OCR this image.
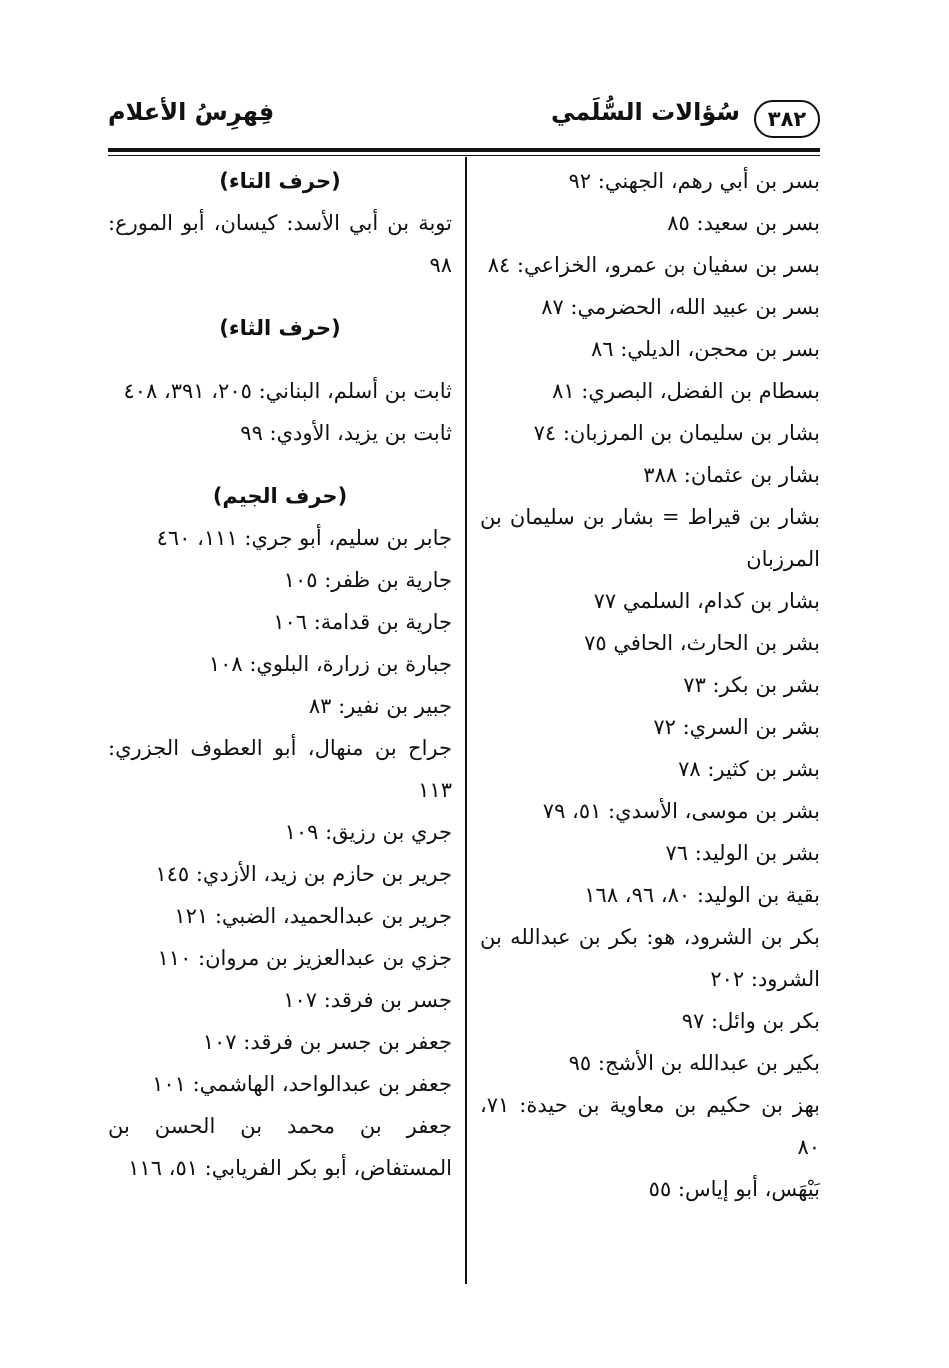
٣٨٢
سُؤالات السُّلَمي
فِهرِسُ الأعلام
بسر بن أبي رهم، الجهني: ٩٢
بسر بن سعيد: ٨٥
بسر بن سفيان بن عمرو، الخزاعي: ٨٤
بسر بن عبيد الله، الحضرمي: ٨٧
بسر بن محجن، الديلي: ٨٦
بسطام بن الفضل، البصري: ٨١
بشار بن سليمان بن المرزبان: ٧٤
بشار بن عثمان: ٣٨٨
بشار بن قيراط = بشار بن سليمان بن المرزبان
بشار بن كدام، السلمي ٧٧
بشر بن الحارث، الحافي ٧٥
بشر بن بكر: ٧٣
بشر بن السري: ٧٢
بشر بن كثير: ٧٨
بشر بن موسى، الأسدي: ٥١، ٧٩
بشر بن الوليد: ٧٦
بقية بن الوليد: ٨٠، ٩٦، ١٦٨
بكر بن الشرود، هو: بكر بن عبدالله بن الشرود: ٢٠٢
بكر بن وائل: ٩٧
بكير بن عبدالله بن الأشج: ٩٥
بهز بن حكيم بن معاوية بن حيدة: ٧١، ٨٠
بَيْهَس، أبو إياس: ٥٥
(حرف التاء)
توبة بن أبي الأسد: كيسان، أبو المورع: ٩٨
(حرف الثاء)
ثابت بن أسلم، البناني: ٢٠٥، ٣٩١، ٤٠٨
ثابت بن يزيد، الأودي: ٩٩
(حرف الجيم)
جابر بن سليم، أبو جري: ١١١، ٤٦٠
جارية بن ظفر: ١٠٥
جارية بن قدامة: ١٠٦
جبارة بن زرارة، البلوي: ١٠٨
جبير بن نفير: ٨٣
جراح بن منهال، أبو العطوف الجزري: ١١٣
جري بن رزيق: ١٠٩
جرير بن حازم بن زيد، الأزدي: ١٤٥
جرير بن عبدالحميد، الضبي: ١٢١
جزي بن عبدالعزيز بن مروان: ١١٠
جسر بن فرقد: ١٠٧
جعفر بن جسر بن فرقد: ١٠٧
جعفر بن عبدالواحد، الهاشمي: ١٠١
جعفر بن محمد بن الحسن بن المستفاض، أبو بكر الفريابي: ٥١، ١١٦
